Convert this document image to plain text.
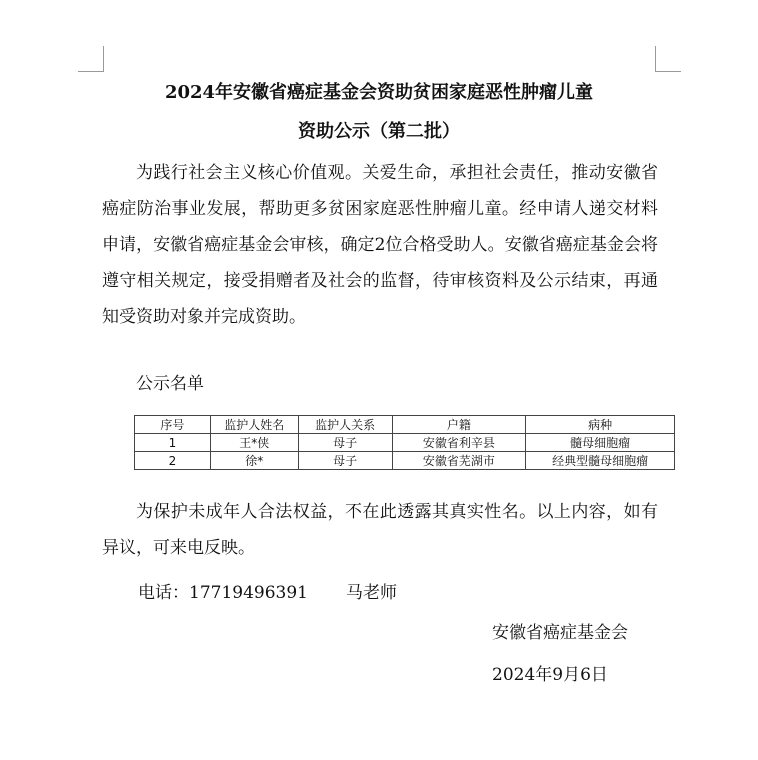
2024年安徽省癌症基金会资助贫困家庭恶性肿瘤儿童
资助公示（第二批）
为践行社会主义核心价值观。关爱生命，承担社会责任，推动安徽省癌症防治事业发展，帮助更多贫困家庭恶性肿瘤儿童。经申请人递交材料申请，安徽省癌症基金会审核，确定2位合格受助人。安徽省癌症基金会将遵守相关规定，接受捐赠者及社会的监督，待审核资料及公示结束，再通知受资助对象并完成资助。
公示名单
序号	监护人姓名	监护人关系	户籍	病种
1	王*侠	母子	安徽省利辛县	髓母细胞瘤
2	徐*	母子	安徽省芜湖市	经典型髓母细胞瘤
为保护未成年人合法权益，不在此透露其真实性名。以上内容，如有异议，可来电反映。
电话：17719496391 马老师
安徽省癌症基金会
2024年9月6日
